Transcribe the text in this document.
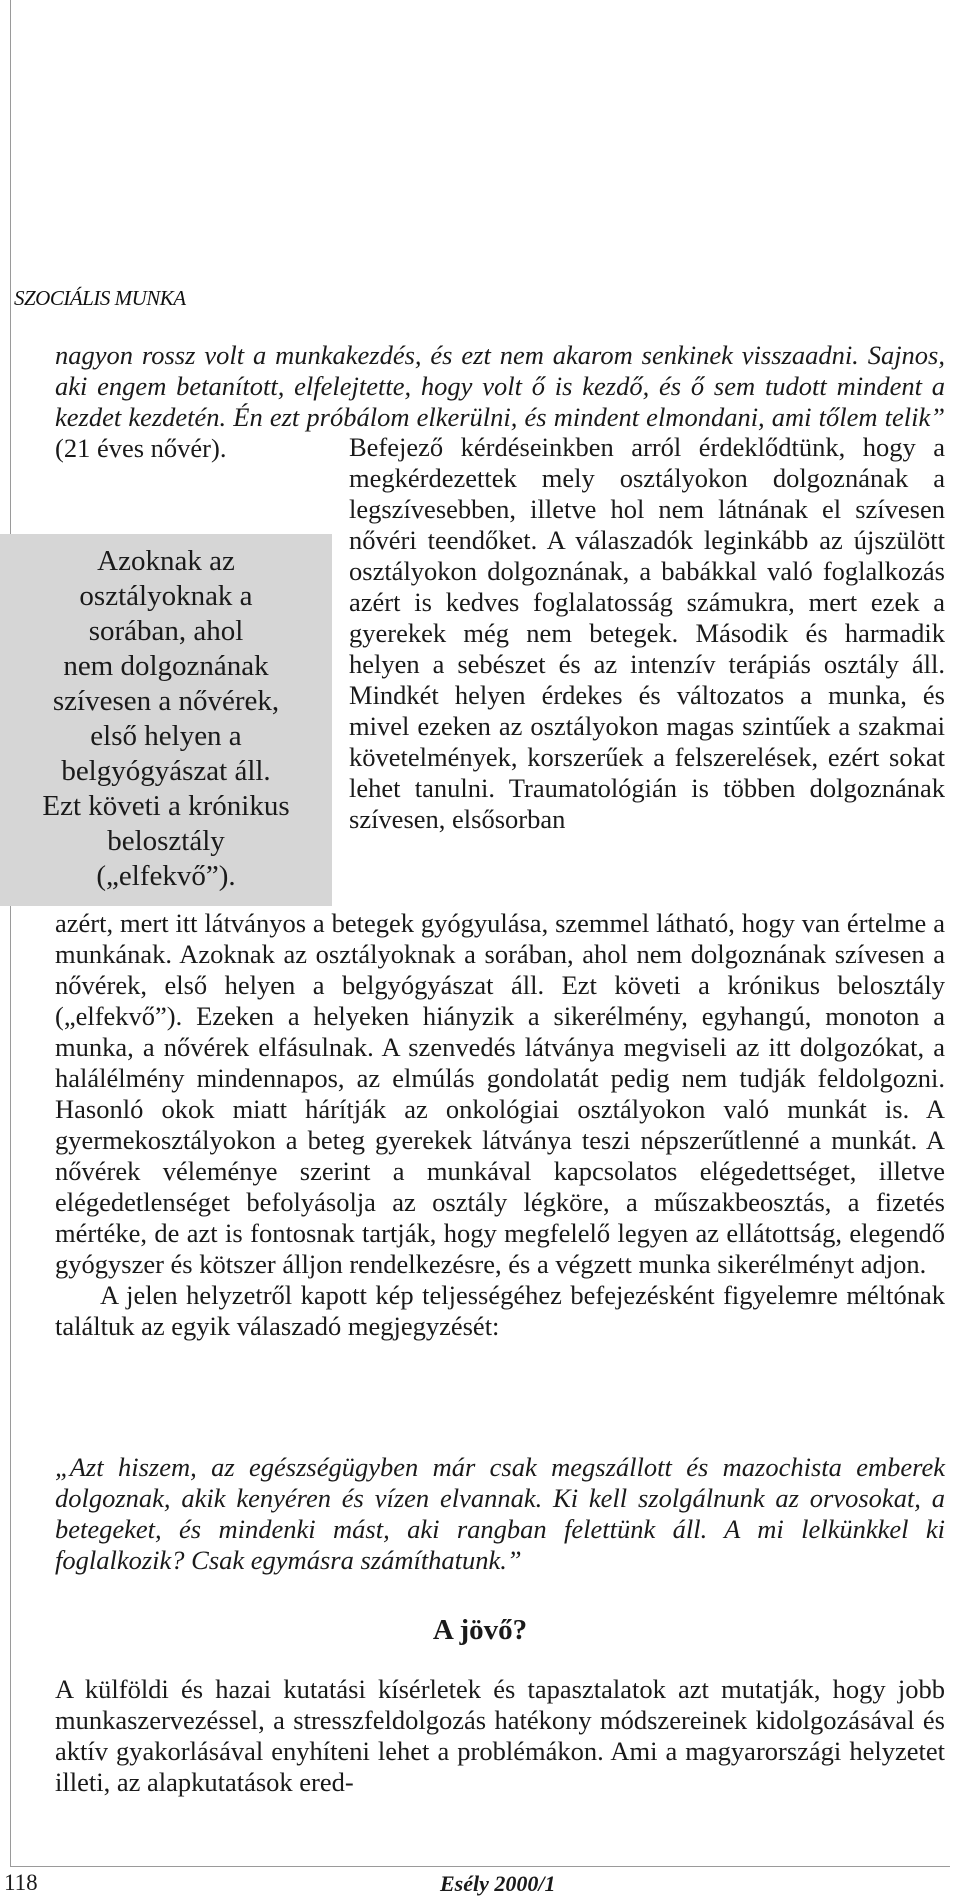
SZOCIÁLIS MUNKA

nagyon rossz volt a munkakezdés, és ezt nem akarom senkinek visszaadni. Sajnos, aki engem betanított, elfelejtette, hogy volt ő is kezdő, és ő sem tudott mindent a kezdet kezdetén. Én ezt próbálom elkerülni, és mindent elmondani, ami tőlem telik” (21 éves nővér).

Azoknak az
osztályoknak a
sorában, ahol
nem dolgoznának
szívesen a nővérek,
első helyen a
belgyógyászat áll.
Ezt követi a krónikus
belosztály
(„elfekvő”).

Befejező kérdéseinkben arról érdeklődtünk, hogy a megkérdezettek mely osztályokon dolgoznának a legszívesebben, illetve hol nem látnának el szívesen nővéri teendőket. A válaszadók leginkább az újszülött osztályokon dolgoznának, a babákkal való foglalkozás azért is kedves foglalatosság számukra, mert ezek a gyerekek még nem betegek. Második és harmadik helyen a sebészet és az intenzív terápiás osztály áll. Mindkét helyen érdekes és változatos a munka, és mivel ezeken az osztályokon magas szintűek a szakmai követelmények, korszerűek a felszerelések, ezért sokat lehet tanulni. Traumatológián is többen dolgoznának szívesen, elsősorban

azért, mert itt látványos a betegek gyógyulása, szemmel látható, hogy van értelme a munkának. Azoknak az osztályoknak a sorában, ahol nem dolgoznának szívesen a nővérek, első helyen a belgyógyászat áll. Ezt követi a krónikus belosztály („elfekvő”). Ezeken a helyeken hiányzik a sikerélmény, egyhangú, monoton a munka, a nővérek elfásulnak. A szenvedés látványa megviseli az itt dolgozókat, a halálélmény mindennapos, az elmúlás gondolatát pedig nem tudják feldolgozni. Hasonló okok miatt hárítják az onkológiai osztályokon való munkát is. A gyermekosztályokon a beteg gyerekek látványa teszi népszerűtlenné a munkát. A nővérek véleménye szerint a munkával kapcsolatos elégedettséget, illetve elégedetlenséget befolyásolja az osztály légköre, a műszakbeosztás, a fizetés mértéke, de azt is fontosnak tartják, hogy megfelelő legyen az ellátottság, elegendő gyógyszer és kötszer álljon rendelkezésre, és a végzett munka sikerélményt adjon.

A jelen helyzetről kapott kép teljességéhez befejezésként figyelemre méltónak találtuk az egyik válaszadó megjegyzését:

„Azt hiszem, az egészségügyben már csak megszállott és mazochista emberek dolgoznak, akik kenyéren és vízen elvannak. Ki kell szolgálnunk az orvosokat, a betegeket, és mindenki mást, aki rangban felettünk áll. A mi lelkünkkel ki foglalkozik? Csak egymásra számíthatunk.”

A jövő?

A külföldi és hazai kutatási kísérletek és tapasztalatok azt mutatják, hogy jobb munkaszervezéssel, a stresszfeldolgozás hatékony módszereinek kidolgozásával és aktív gyakorlásával enyhíteni lehet a problémákon. Ami a magyarországi helyzetet illeti, az alapkutatások ered-

118	Esély 2000/1
